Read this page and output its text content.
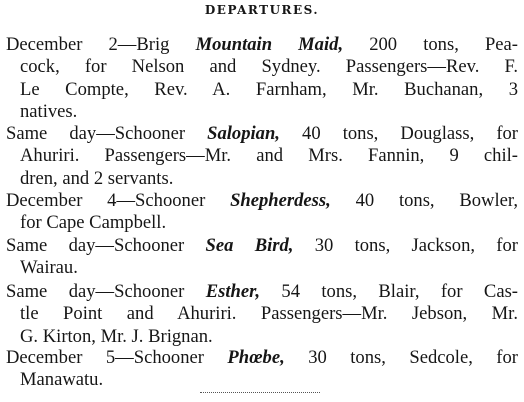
DEPARTURES.
December 2—Brig Mountain Maid, 200 tons, Pea-
cock, for Nelson and Sydney. Passengers—Rev. F.
Le Compte, Rev. A. Farnham, Mr. Buchanan, 3
natives.
Same day—Schooner Salopian, 40 tons, Douglass, for
Ahuriri. Passengers—Mr. and Mrs. Fannin, 9 chil-
dren, and 2 servants.
December 4—Schooner Shepherdess, 40 tons, Bowler,
for Cape Campbell.
Same day—Schooner Sea Bird, 30 tons, Jackson, for
Wairau.
Same day—Schooner Esther, 54 tons, Blair, for Cas-
tle Point and Ahuriri. Passengers—Mr. Jebson, Mr.
G. Kirton, Mr. J. Brignan.
December 5—Schooner Phœbe, 30 tons, Sedcole, for
Manawatu.
